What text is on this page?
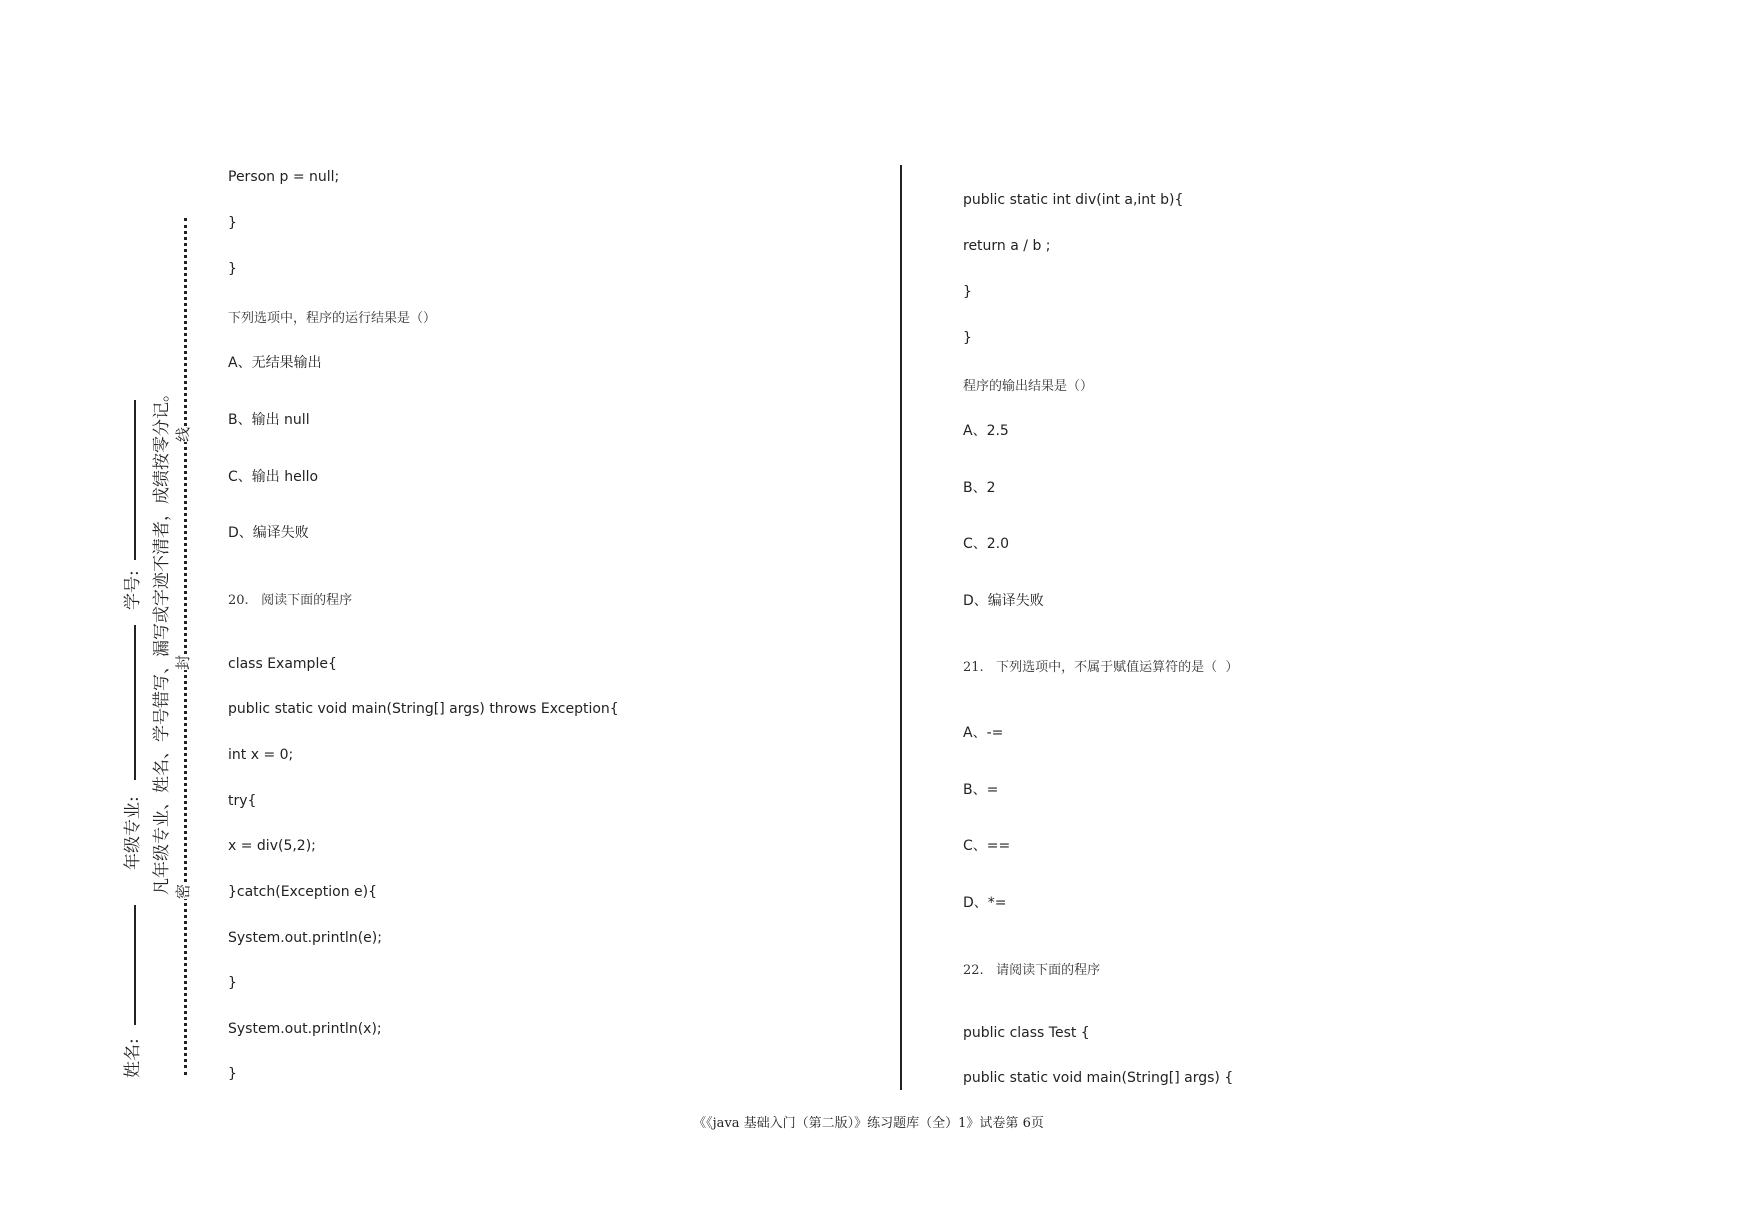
姓名:
年级专业:
学号: 凡年级专业、姓名、学号错写、漏写或字迹不清者，成绩按零分记。 线
封
密
Person p = null;
}
}
下列选项中，程序的运行结果是（）
A、无结果输出
B、输出 null
C、输出 hello
D、编译失败
20.   阅读下面的程序
class Example{
public static void main(String[] args) throws Exception{
int x = 0;
try{
x = div(5,2);
}catch(Exception e){
System.out.println(e);
}
System.out.println(x);
}
public static int div(int a,int b){
return a / b ;
}
}
程序的输出结果是（）
A、2.5
B、2
C、2.0
D、编译失败
21.   下列选项中，不属于赋值运算符的是（  ）
A、-=
B、=
C、==
D、*=
22.   请阅读下面的程序
public class Test {
public static void main(String[] args) {
《《java 基础入门（第二版）》练习题库（全）1》试卷第 6页
